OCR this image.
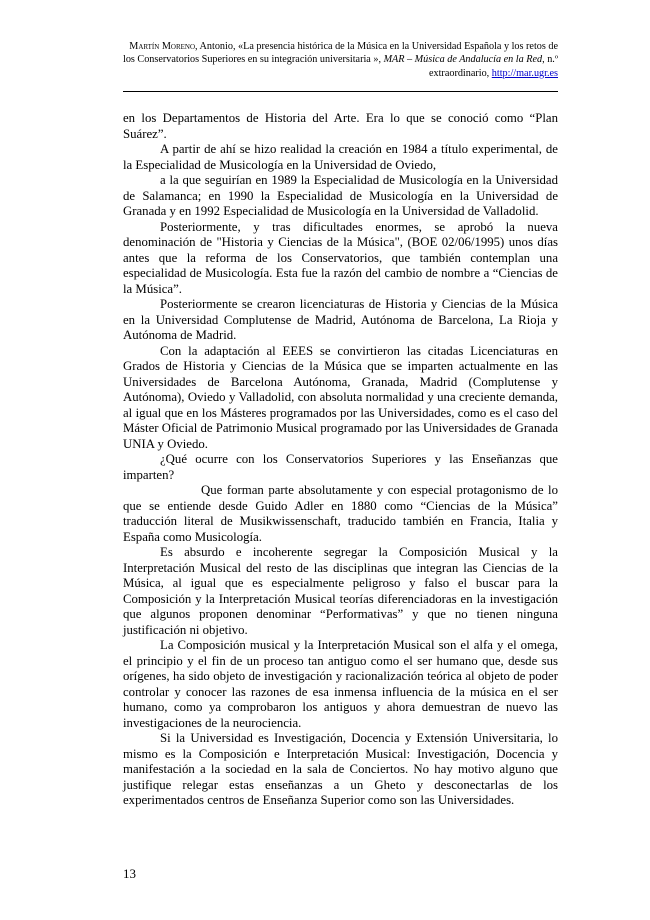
Martín Moreno, Antonio, «La presencia histórica de la Música en la Universidad Española y los retos de los Conservatorios Superiores en su integración universitaria », MAR – Música de Andalucía en la Red, n.º extraordinario, http://mar.ugr.es

en los Departamentos de Historia del Arte. Era lo que se conoció como “Plan Suárez”.

A partir de ahí se hizo realidad la creación en 1984 a título experimental, de la Especialidad de Musicología en la Universidad de Oviedo,

a la que seguirían en 1989 la Especialidad de Musicología en la Universidad de Salamanca; en 1990 la Especialidad de Musicología en la Universidad de Granada y en 1992 Especialidad de Musicología en la Universidad de Valladolid.

Posteriormente, y tras dificultades enormes, se aprobó la nueva denominación de "Historia y Ciencias de la Música", (BOE 02/06/1995) unos días antes que la reforma de los Conservatorios, que también contemplan una especialidad de Musicología. Esta fue la razón del cambio de nombre a “Ciencias de la Música”.

Posteriormente se crearon licenciaturas de Historia y Ciencias de la Música en la Universidad Complutense de Madrid, Autónoma de Barcelona, La Rioja y Autónoma de Madrid.

Con la adaptación al EEES se convirtieron las citadas Licenciaturas en Grados de Historia y Ciencias de la Música que se imparten actualmente en las Universidades de Barcelona Autónoma, Granada, Madrid (Complutense y Autónoma), Oviedo y Valladolid, con absoluta normalidad y una creciente demanda, al igual que en los Másteres programados por las Universidades, como es el caso del Máster Oficial de Patrimonio Musical programado por las Universidades de Granada UNIA y Oviedo.

¿Qué ocurre con los Conservatorios Superiores y las Enseñanzas que imparten?

Que forman parte absolutamente y con especial protagonismo de lo que se entiende desde Guido Adler en 1880 como “Ciencias de la Música” traducción literal de Musikwissenschaft, traducido también en Francia, Italia y España como Musicología.

Es absurdo e incoherente segregar la Composición Musical y la Interpretación Musical del resto de las disciplinas que integran las Ciencias de la Música, al igual que es especialmente peligroso y falso el buscar para la Composición y la Interpretación Musical teorías diferenciadoras en la investigación que algunos proponen denominar “Performativas” y que no tienen ninguna justificación ni objetivo.

La Composición musical y la Interpretación Musical son el alfa y el omega, el principio y el fin de un proceso tan antiguo como el ser humano que, desde sus orígenes, ha sido objeto de investigación y racionalización teórica al objeto de poder controlar y conocer las razones de esa inmensa influencia de la música en el ser humano, como ya comprobaron los antiguos y ahora demuestran de nuevo las investigaciones de la neurociencia.

Si la Universidad es Investigación, Docencia y Extensión Universitaria, lo mismo es la Composición e Interpretación Musical: Investigación, Docencia y manifestación a la sociedad en la sala de Conciertos. No hay motivo alguno que justifique relegar estas enseñanzas a un Gheto y desconectarlas de los experimentados centros de Enseñanza Superior como son las Universidades.

13
